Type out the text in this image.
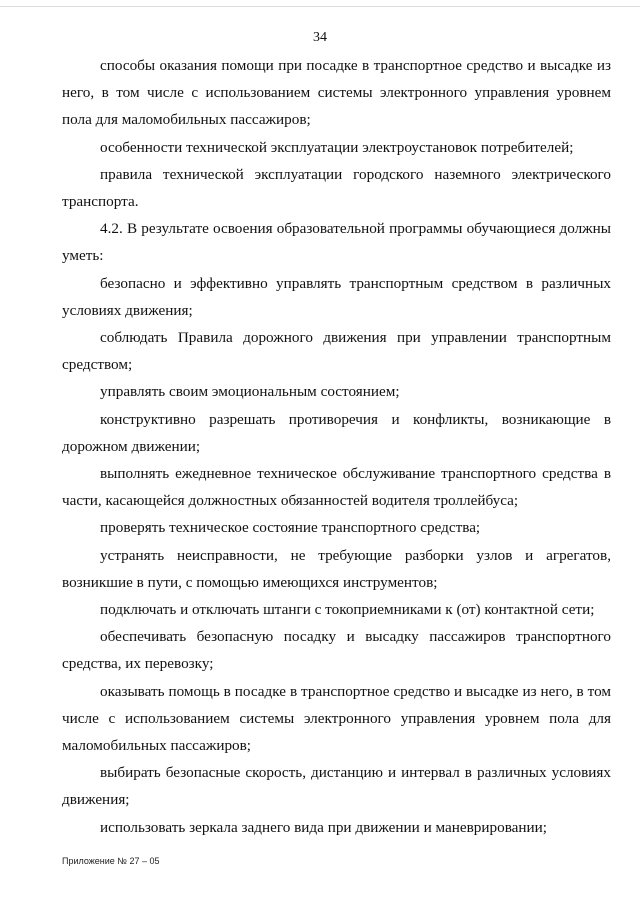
34

способы оказания помощи при посадке в транспортное средство и высадке из него, в том числе с использованием системы электронного управления уровнем пола для маломобильных пассажиров;

особенности технической эксплуатации электроустановок потребителей;

правила технической эксплуатации городского наземного электрического транспорта.

4.2. В результате освоения образовательной программы обучающиеся должны уметь:

безопасно и эффективно управлять транспортным средством в различных условиях движения;

соблюдать Правила дорожного движения при управлении транспортным средством;

управлять своим эмоциональным состоянием;

конструктивно разрешать противоречия и конфликты, возникающие в дорожном движении;

выполнять ежедневное техническое обслуживание транспортного средства в части, касающейся должностных обязанностей водителя троллейбуса;

проверять техническое состояние транспортного средства;

устранять неисправности, не требующие разборки узлов и агрегатов, возникшие в пути, с помощью имеющихся инструментов;

подключать и отключать штанги с токоприемниками к (от) контактной сети;

обеспечивать безопасную посадку и высадку пассажиров транспортного средства, их перевозку;

оказывать помощь в посадке в транспортное средство и высадке из него, в том числе с использованием системы электронного управления уровнем пола для маломобильных пассажиров;

выбирать безопасные скорость, дистанцию и интервал в различных условиях движения;

использовать зеркала заднего вида при движении и маневрировании;

Приложение № 27 – 05
